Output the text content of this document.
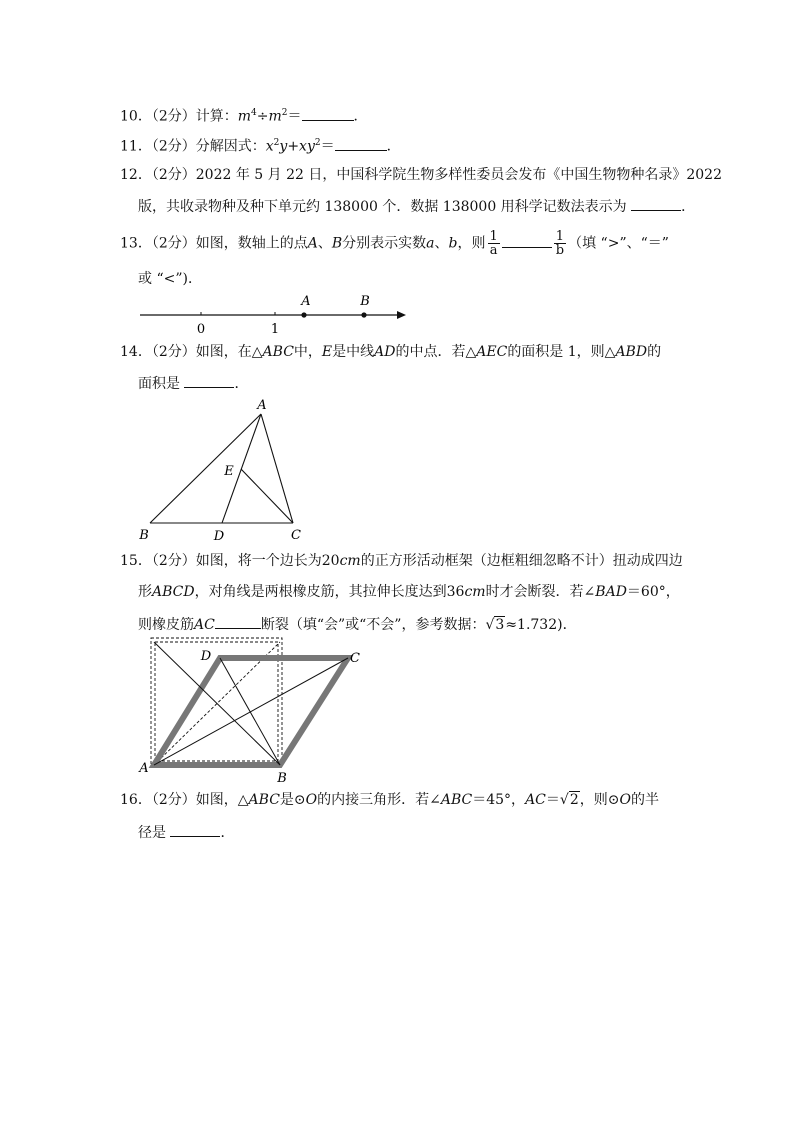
10．（2分）计算：$m^4\div m^2=$	．
11．（2分）分解因式：$x^2y+xy^2=$	．
12．（2分）2022 年 5 月 22 日，中国科学院生物多样性委员会发布《中国生物物种名录》2022
版，共收录物种及种下单元约 138000 个．数据 138000 用科学记数法表示为	．
13．（2分）如图，数轴上的点A、B分别表示实数a、b，则 $\frac{1}{a}$	$\frac{1}{b}$ （填 “>”、“＝”
或 “<”)．
0	1
A	B
14．（2分）如图，在△ABC中，E是中线AD的中点．若△AEC的面积是 1，则△ABD的
面积是	．
A
B	C
D
E
15．（2分）如图，将一个边长为20cm的正方形活动框架（边框粗细忽略不计）扭动成四边
形ABCD，对角线是两根橡皮筋，其拉伸长度达到36cm时才会断裂．若∠BAD＝60°，
则橡皮筋AC	断裂（填“会”或“不会”，参考数据：√3≈1.732)．
A
B
C
D
16．（2分）如图，△ABC是⊙O的内接三角形．若∠ABC＝45°，AC＝√2，则⊙O的半
径是	．
